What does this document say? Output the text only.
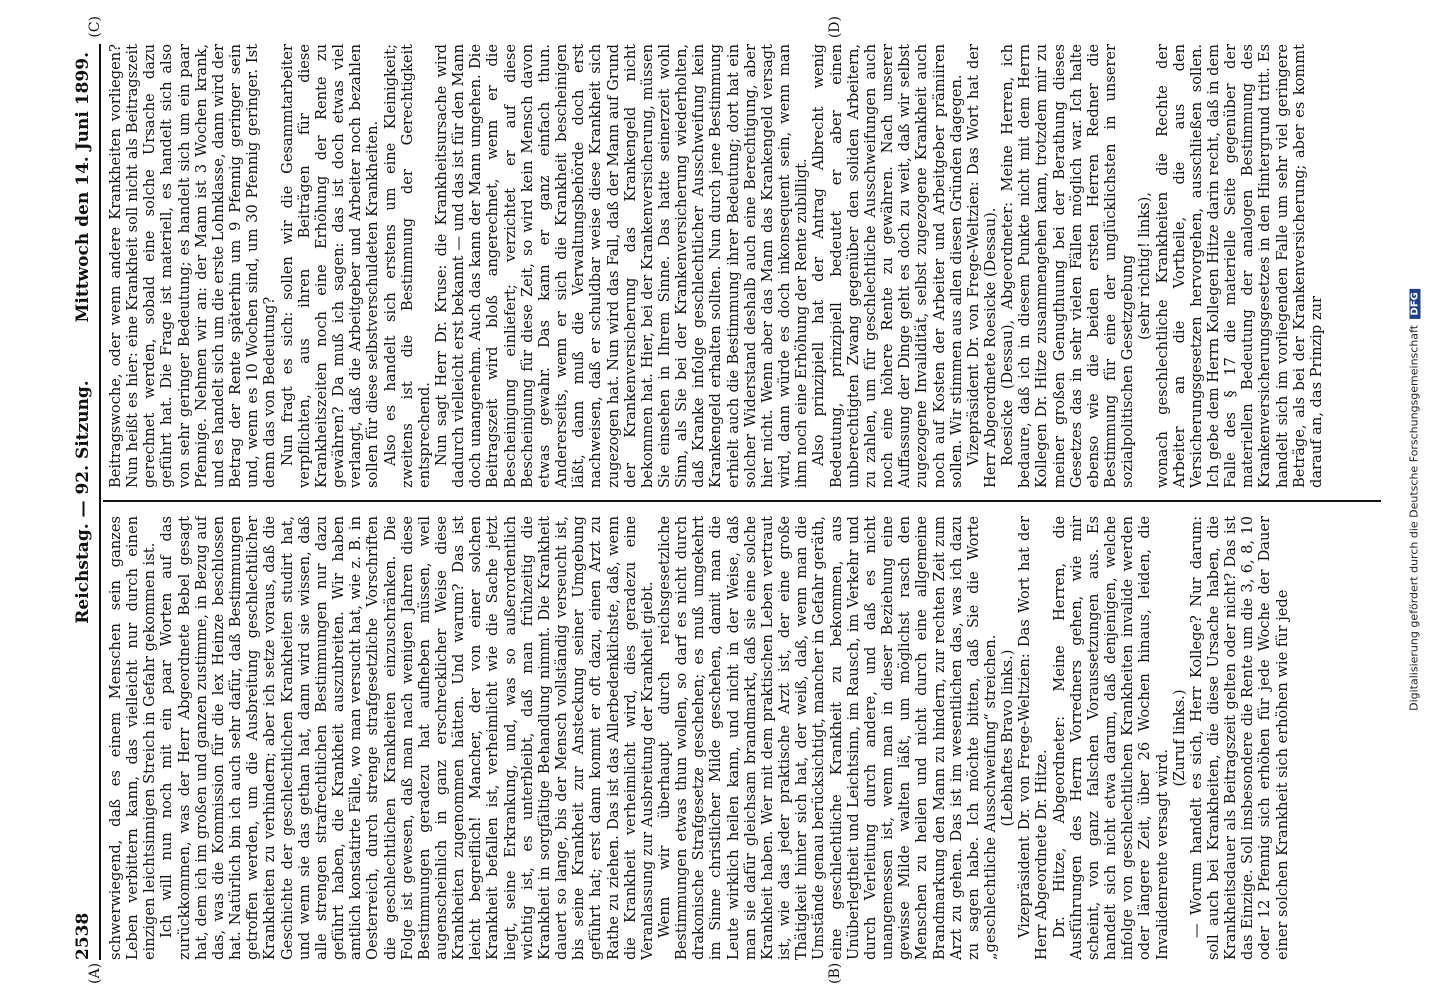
2538
Reichstag. — 92. Sitzung.
Mittwoch den 14. Juni 1899.
(A)	(B)
(C)	(D)

schwerwiegend, daß es einem Menschen sein ganzes Leben verbittern kann, das vielleicht nur durch einen einzigen leichtsinnigen Streich in Gefahr gekommen ist. Ich will nun noch mit ein paar Worten auf das zurückkommen, was der Herr Abgeordnete Bebel gesagt hat, dem ich im großen und ganzen zustimme, in Bezug auf das, was die Kommission für die lex Heinze beschlossen hat. Natürlich bin ich auch sehr dafür, daß Bestimmungen getroffen werden, um die Ausbreitung geschlechtlicher Krankheiten zu verhindern; aber ich setze voraus, daß die Geschichte der geschlechtlichen Krankheiten studirt hat, und wenn sie das gethan hat, dann wird sie wissen, daß alle strengen strafrechtlichen Bestimmungen nur dazu geführt haben, die Krankheit auszubreiten. Wir haben amtlich konstatirte Fälle, wo man versucht hat, wie z. B. in Oesterreich, durch strenge strafgesetzliche Vorschriften die geschlechtlichen Krankheiten einzuschränken. Die Folge ist gewesen, daß man nach wenigen Jahren diese Bestimmungen geradezu hat aufheben müssen, weil augenscheinlich in ganz erschrecklicher Weise diese Krankheiten zugenommen hätten. Und warum? Das ist leicht begreiflich! Mancher, der von einer solchen Krankheit befallen ist, verheimlicht wie die Sache jetzt liegt, seine Erkrankung, und, was so außerordentlich wichtig ist, es unterbleibt, daß man frühzeitig die Krankheit in sorgfältige Behandlung nimmt. Die Krankheit dauert so lange, bis der Mensch vollständig verseucht ist, bis seine Krankheit zur Ansteckung seiner Umgebung geführt hat; erst dann kommt er oft dazu, einen Arzt zu Rathe zu ziehen. Das ist das Allerbedenklichste, daß, wenn die Krankheit verheimlicht wird, dies geradezu eine Veranlassung zur Ausbreitung der Krankheit giebt. Wenn wir überhaupt durch reichsgesetzliche Bestimmungen etwas thun wollen, so darf es nicht durch drakonische Strafgesetze geschehen; es muß umgekehrt im Sinne christlicher Milde geschehen, damit man die Leute wirklich heilen kann, und nicht in der Weise, daß man sie dafür gleichsam brandmarkt, daß sie eine solche Krankheit haben. Wer mit dem praktischen Leben vertraut ist, wie das jeder praktische Arzt ist, der eine große Thätigkeit hinter sich hat, der weiß, daß, wenn man die Umstände genau berücksichtigt, mancher in Gefahr geräth, eine geschlechtliche Krankheit zu bekommen, aus Unüberlegtheit und Leichtsinn, im Rausch, im Verkehr und durch Verleitung durch andere, und daß es nicht unangemessen ist, wenn man in dieser Beziehung eine gewisse Milde walten läßt, um möglichst rasch den Menschen zu heilen und nicht durch eine allgemeine Brandmarkung den Mann zu hindern, zur rechten Zeit zum Arzt zu gehen. Das ist im wesentlichen das, was ich dazu zu sagen habe. Ich möchte bitten, daß Sie die Worte „geschlechtliche Ausschweifung“ streichen. (Lebhaftes Bravo links.) Vizepräsident Dr. von Frege-Weltzien: Das Wort hat der Herr Abgeordnete Dr. Hitze. Dr. Hitze, Abgeordneter: Meine Herren, die Ausführungen des Herrn Vorredners gehen, wie mir scheint, von ganz falschen Voraussetzungen aus. Es handelt sich nicht etwa darum, daß denjenigen, welche infolge von geschlechtlichen Krankheiten invalide werden oder längere Zeit, über 26 Wochen hinaus, leiden, die Invalidenrente versagt wird.

(Zuruf links.) — Worum handelt es sich, Herr Kollege? Nur darum: soll auch bei Krankheiten, die diese Ursache haben, die Krankheitsdauer als Beitragszeit gelten oder nicht? Das ist das Einzige. Soll insbesondere die Rente um die 3, 6, 8, 10 oder 12 Pfennig sich erhöhen für jede Woche der Dauer einer solchen Krankheit sich erhöhen wie für jede

Beitragswoche, oder wenn andere Krankheiten vorliegen? Nun heißt es hier: eine Krankheit soll nicht als Beitragszeit gerechnet werden, sobald eine solche Ursache dazu geführt hat. Die Frage ist materiell, es handelt sich also von sehr geringer Bedeutung; es handelt sich um ein paar Pfennige. Nehmen wir an: der Mann ist 3 Wochen krank, und es handelt sich um die erste Lohnklasse, dann wird der Betrag der Rente späterhin um 9 Pfennig geringer sein und, wenn es 10 Wochen sind, um 30 Pfennig geringer. Ist denn das von Bedeutung? Nun fragt es sich: sollen wir die Gesammtarbeiter verpflichten, aus ihren Beiträgen für diese Krankheitszeiten noch eine Erhöhung der Rente zu gewähren? Da muß ich sagen: das ist doch etwas viel verlangt, daß die Arbeitgeber und Arbeiter noch bezahlen sollen für diese selbstverschuldeten Krankheiten. Also es handelt sich erstens um eine Kleinigkeit; zweitens ist die Bestimmung der Gerechtigkeit entsprechend. Nun sagt Herr Dr. Kruse: die Krankheitsursache wird dadurch vielleicht erst bekannt — und das ist für den Mann doch unangenehm. Auch das kann der Mann umgehen. Die Beitragszeit wird bloß angerechnet, wenn er die Bescheinigung einliefert; verzichtet er auf diese Bescheinigung für diese Zeit, so wird kein Mensch davon etwas gewahr. Das kann er ganz einfach thun. Andererseits, wenn er sich die Krankheit bescheinigen läßt, dann muß die Verwaltungsbehörde doch erst nachweisen, daß er schuldbar weise diese Krankheit sich zugezogen hat. Nun wird das Fall, daß der Mann auf Grund der Krankenversicherung das Krankengeld nicht bekommen hat. Hier, bei der Krankenversicherung, müssen Sie einsehen in Ihrem Sinne. Das hatte seinerzeit wohl Sinn, als Sie bei der Krankenversicherung wiederholten, daß Kranke infolge geschlechtlicher Ausschweifung kein Krankengeld erhalten sollten. Nun durch jene Bestimmung erhielt auch die Bestimmung ihrer Bedeutung; dort hat ein solcher Widerstand deshalb auch eine Berechtigung, aber hier nicht. Wenn aber das Mann das Krankengeld versagt wird, dann würde es doch inkonsequent sein, wenn man ihm noch eine Erhöhung der Rente zubilligt. Also prinzipiell hat der Antrag Albrecht wenig Bedeutung, prinzipiell bedeutet er aber einen unberechtigten Zwang gegenüber den soliden Arbeitern, zu zahlen, um für geschlechtliche Ausschweifungen auch noch eine höhere Rente zu gewähren. Nach unserer Auffassung der Dinge geht es doch zu weit, daß wir selbst zugezogene Invalidität, selbst zugezogene Krankheit auch noch auf Kosten der Arbeiter und Arbeitgeber prämiiren sollen. Wir stimmen aus allen diesen Gründen dagegen. Vizepräsident Dr. von Frege-Weltzien: Das Wort hat der Herr Abgeordnete Roesicke (Dessau). Roesicke (Dessau), Abgeordneter: Meine Herren, ich bedaure, daß ich in diesem Punkte nicht mit dem Herrn Kollegen Dr. Hitze zusammengehen kann, trotzdem mir zu meiner großen Genugthuung bei der Berathung dieses Gesetzes das in sehr vielen Fällen möglich war. Ich halte ebenso wie die beiden ersten Herren Redner die Bestimmung für eine der unglücklichsten in unserer sozialpolitischen Gesetzgebung (sehr richtig! links), wonach geschlechtliche Krankheiten die Rechte der Arbeiter an die Vortheile, die aus den Versicherungsgesetzen hervorgehen, ausschließen sollen. Ich gebe dem Herrn Kollegen Hitze darin recht, daß in dem Falle des § 17 die materielle Seite gegenüber der materiellen Bedeutung der analogen Bestimmung des Krankenversicherungsgesetzes in den Hintergrund tritt. Es handelt sich im vorliegenden Falle um sehr viel geringere Beträge, als bei der Krankenversicherung; aber es kommt darauf an, das Prinzip zur	Digitalisierung gefördert durch die Deutsche Forschungsgemeinschaft DFG
